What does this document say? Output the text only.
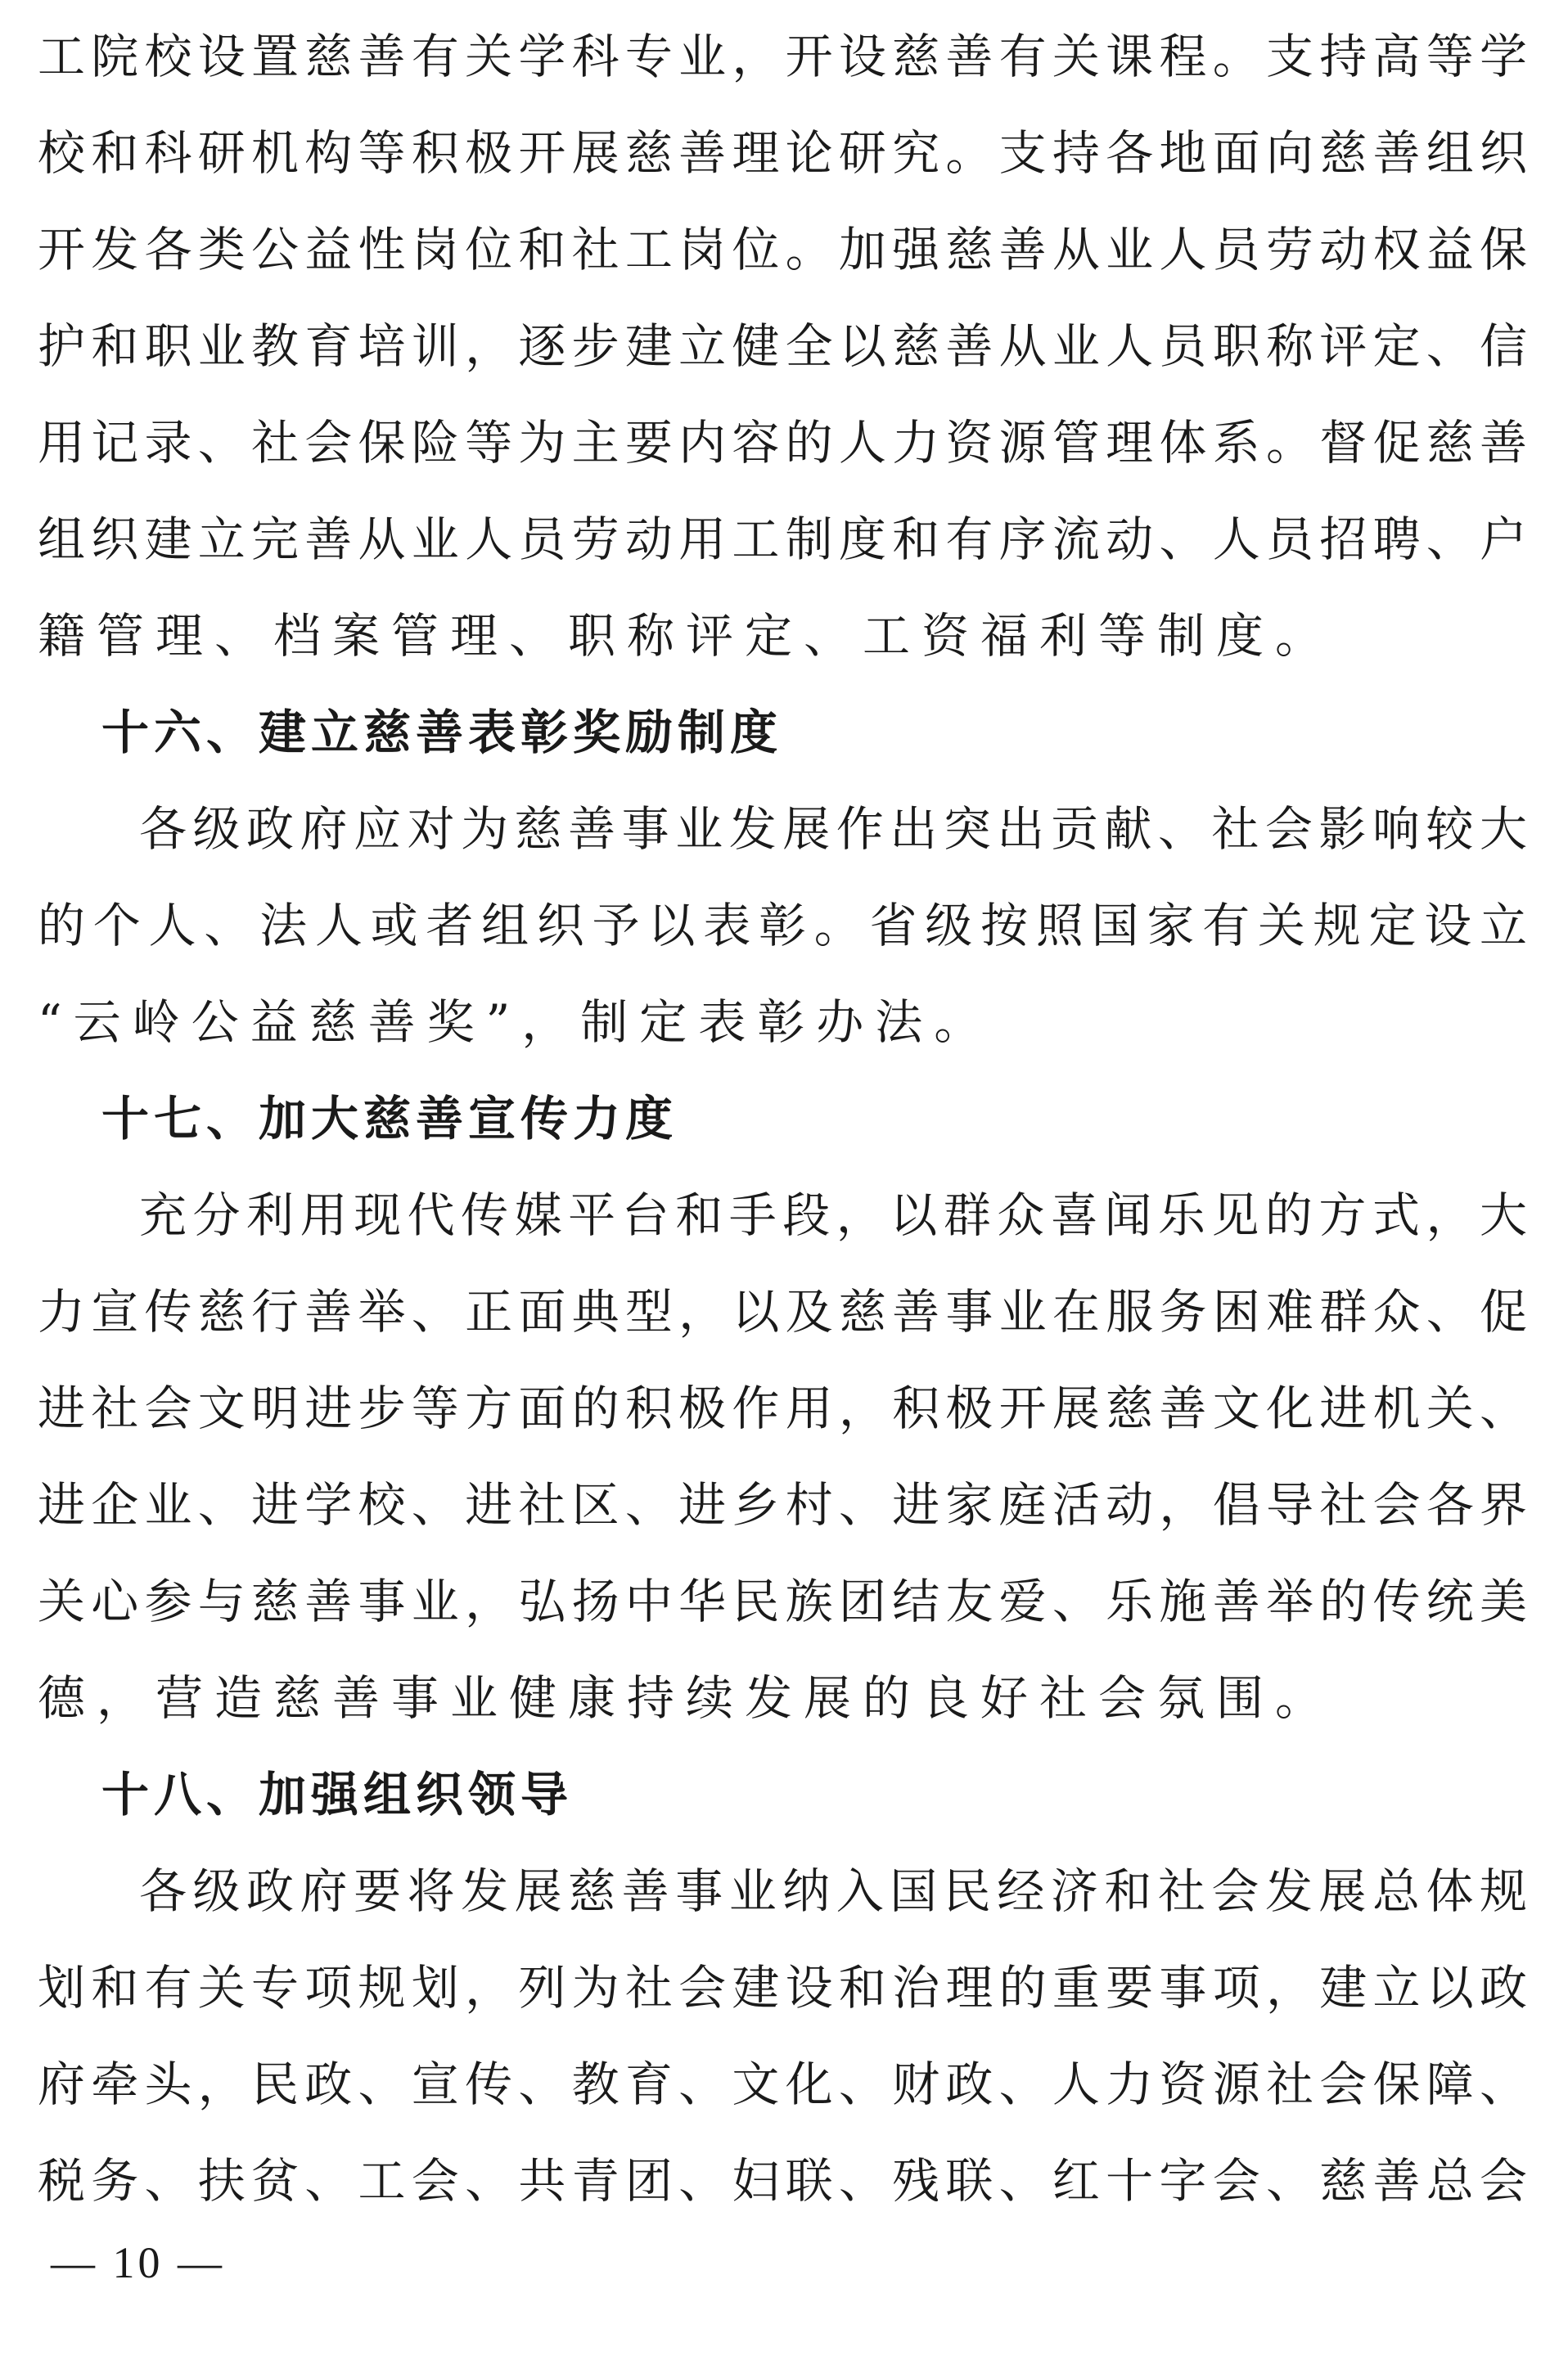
工院校设置慈善有关学科专业，开设慈善有关课程。支持高等学
校和科研机构等积极开展慈善理论研究。支持各地面向慈善组织
开发各类公益性岗位和社工岗位。加强慈善从业人员劳动权益保
护和职业教育培训，逐步建立健全以慈善从业人员职称评定、信
用记录、社会保险等为主要内容的人力资源管理体系。督促慈善
组织建立完善从业人员劳动用工制度和有序流动、人员招聘、户
籍管理、档案管理、职称评定、工资福利等制度。
十六、建立慈善表彰奖励制度
各级政府应对为慈善事业发展作出突出贡献、社会影响较大
的个人、法人或者组织予以表彰。省级按照国家有关规定设立
“云岭公益慈善奖”，制定表彰办法。
十七、加大慈善宣传力度
充分利用现代传媒平台和手段，以群众喜闻乐见的方式，大
力宣传慈行善举、正面典型，以及慈善事业在服务困难群众、促
进社会文明进步等方面的积极作用，积极开展慈善文化进机关、
进企业、进学校、进社区、进乡村、进家庭活动，倡导社会各界
关心参与慈善事业，弘扬中华民族团结友爱、乐施善举的传统美
德，营造慈善事业健康持续发展的良好社会氛围。
十八、加强组织领导
各级政府要将发展慈善事业纳入国民经济和社会发展总体规
划和有关专项规划，列为社会建设和治理的重要事项，建立以政
府牵头，民政、宣传、教育、文化、财政、人力资源社会保障、
税务、扶贫、工会、共青团、妇联、残联、红十字会、慈善总会
— 10 —
